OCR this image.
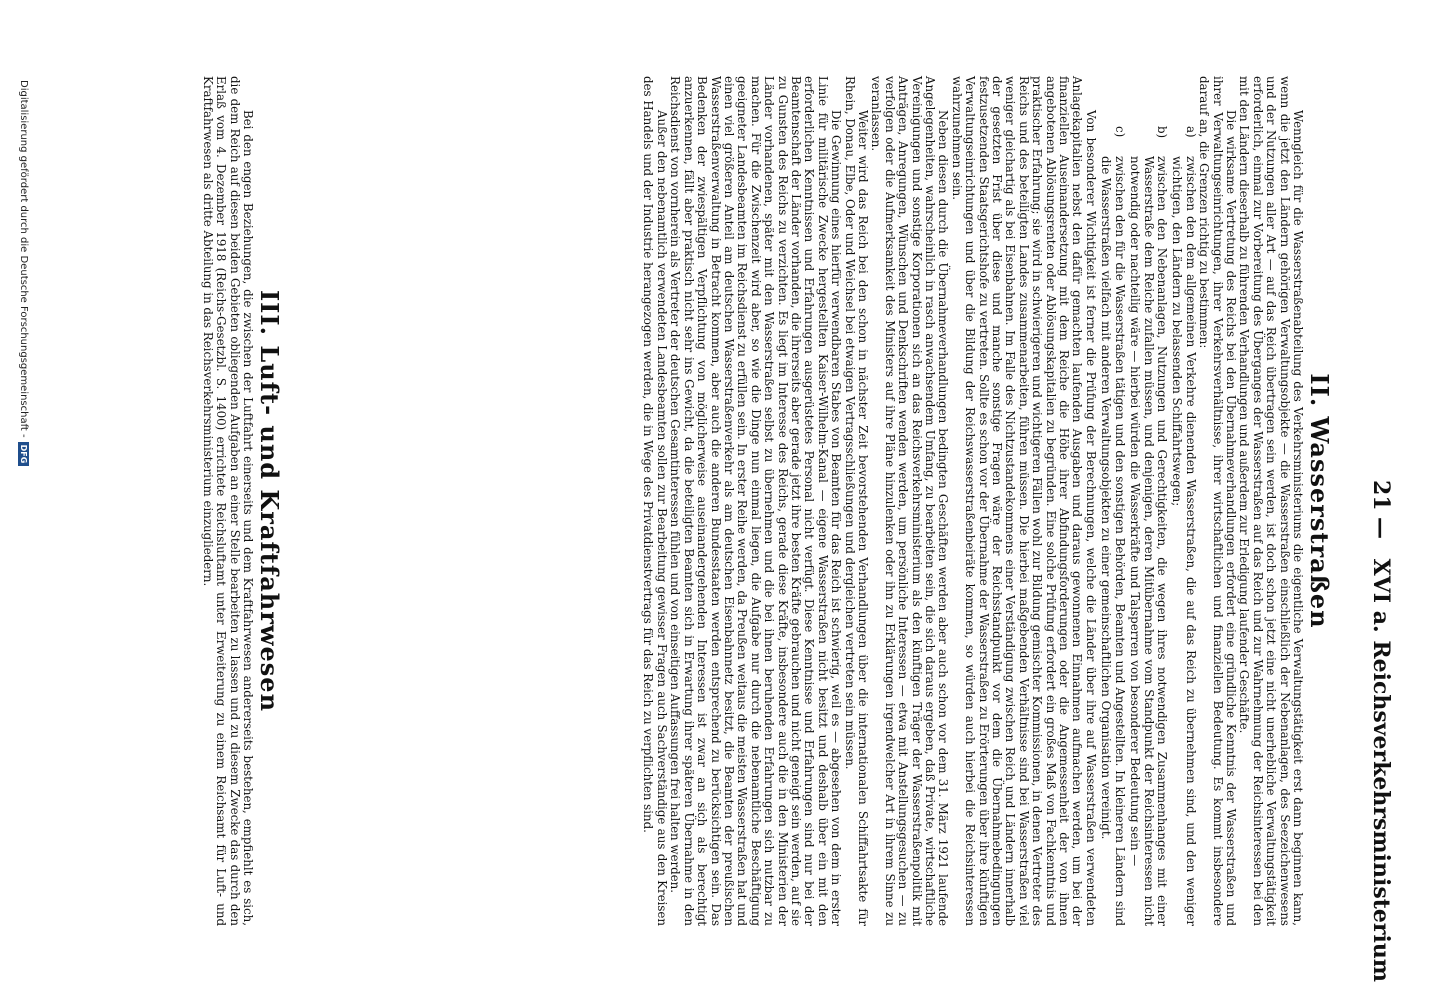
21
— XVI a. Reichsverkehrsministerium
II. Wasserstraßen

Wenngleich für die Wasserstraßenabteilung des Verkehrsministeriums die eigentliche Verwaltungstätigkeit erst dann beginnen kann, wenn die jetzt den Ländern gehörigen Verwaltungsobjekte — die Wasserstraßen einschließlich der Nebenanlagen, des Seezeichenwesens und der Nutzungen aller Art — auf das Reich übertragen sein werden, ist doch schon jetzt eine nicht unerhebliche Verwaltungstätigkeit erforderlich, einmal zur Vorbereitung des Überganges der Wasserstraßen auf das Reich und zur Wahrnehmung der Reichsinteressen bei den mit den Ländern dieserhalb zu führenden Verhandlungen und außerdem zur Erledigung laufender Geschäfte.

Die wirksame Vertretung des Reichs bei den Übernahmeverhandlungen erfordert eine gründliche Kenntnis der Wasserstraßen und ihrer Verwaltungseinrichtungen, ihrer Verkehrsverhältnisse, ihrer wirtschaftlichen und finanziellen Bedeutung. Es kommt insbesondere darauf an, die Grenzen richtig zu bestimmen:

a)zwischen den dem allgemeinen Verkehre dienenden Wasserstraßen, die auf das Reich zu übernehmen sind, und den weniger wichtigen, den Ländern zu belassenden Schiffahrtswegen;
b)zwischen den Nebenanlagen, Nutzungen und Gerechtigkeiten, die wegen ihres notwendigen Zusammenhanges mit einer Wasserstraße dem Reiche zufallen müssen, und denjenigen, deren Mitübernahme vom Standpunkt der Reichsinteressen nicht notwendig oder nachteilig wäre — hierbei würden die Wasserkräfte und Talsperren von besonderer Bedeutung sein —
c)zwischen den für die Wasserstraßen tätigen und den sonstigen Behörden, Beamten und Angestellten. In kleineren Ländern sind die Wasserstraßen vielfach mit anderen Verwaltungsobjekten zu einer gemeinschaftlichen Organisation vereinigt.

Von besonderer Wichtigkeit ist ferner die Prüfung der Berechnungen, welche die Länder über ihre auf Wasserstraßen verwendeten Anlagekapitalien nebst den dafür gemachten laufenden Ausgaben und daraus gewonnenen Einnahmen aufmachen werden, um bei der finanziellen Auseinandersetzung mit dem Reiche die Höhe ihrer Abfindungsforderungen oder die Angemessenheit der von ihnen angebotenen Ablösungsrenten oder Ablösungskapitalien zu begründen. Eine solche Prüfung erfordert ein großes Maß von Fachkenntnis und praktischer Erfahrung; sie wird in schwierigeren und wichtigeren Fällen wohl zur Bildung gemischter Kommissionen, in denen Vertreter des Reichs und des beteiligten Landes zusammenarbeiten, führen müssen. Die hierbei maßgebenden Verhältnisse sind bei Wasserstraßen viel weniger gleichartig als bei Eisenbahnen. Im Falle des Nichtzustandekommens einer Verständigung zwischen Reich und Ländern innerhalb der gesetzten Frist über diese und manche sonstige Fragen wäre der Reichsstandpunkt vor dem die Übernahmebedingungen festzusetzenden Staatsgerichtshofe zu vertreten. Sollte es schon vor der Übernahme der Wasserstraßen zu Erörterungen über ihre künftigen Verwaltungseinrichtungen und über die Bildung der Reichswasserstraßenbeiräte kommen, so würden auch hierbei die Reichsinteressen wahrzunehmen sein.

Neben diesen durch die Übernahmeverhandlungen bedingten Geschäften werden aber auch schon vor dem 31. März 1921 laufende Angelegenheiten, wahrscheinlich in rasch anwachsendem Umfang, zu bearbeiten sein, die sich daraus ergeben, daß Private, wirtschaftliche Vereinigungen und sonstige Korporationen sich an das Reichsverkehrsministerium als den künftigen Träger der Wasserstraßenpolitik mit Anträgen, Anregungen, Wünschen und Denkschriften wenden werden, um persönliche Interessen — etwa mit Anstellungsgesuchen — zu verfolgen oder die Aufmerksamkeit des Ministers auf ihre Pläne hinzulenken oder ihn zu Erklärungen irgendwelcher Art in ihrem Sinne zu veranlassen.

Weiter wird das Reich bei den schon in nächster Zeit bevorstehenden Verhandlungen über die internationalen Schiffahrtsakte für Rhein, Donau, Elbe, Oder und Weichsel bei etwaigen Vertragsschließungen und dergleichen vertreten sein müssen.

Die Gewinnung eines hierfür verwendbaren Stabes von Beamten für das Reich ist schwierig, weil es — abgesehen von dem in erster Linie für militärische Zwecke hergestellten Kaiser-Wilhelm-Kanal — eigene Wasserstraßen nicht besitzt und deshalb über ein mit den erforderlichen Kenntnissen und Erfahrungen ausgerüstetes Personal nicht verfügt. Diese Kenntnisse und Erfahrungen sind nur bei der Beamtenschaft der Länder vorhanden, die ihrerseits aber gerade jetzt ihre besten Kräfte gebrauchen und nicht geneigt sein werden, auf sie zu Gunsten des Reichs zu verzichten. Es liegt im Interesse des Reichs, gerade diese Kräfte, insbesondere auch die in den Ministerien der Länder vorhandenen, später mit den Wasserstraßen selbst zu übernehmen und die bei ihnen beruhenden Erfahrungen sich nutzbar zu machen. Für die Zwischenzeit wird aber, so wie die Dinge nun einmal liegen, die Aufgabe nur durch die nebenamtliche Beschäftigung geeigneter Landesbeamten im Reichsdienst zu erfüllen sein. In erster Reihe werden, da Preußen weitaus die meisten Wasserstraßen hat und einen viel größeren Anteil am deutschen Wasserstraßenverkehr als am deutschen Eisenbahnnetz besitzt, die Beamten der preußischen Wasserstraßenverwaltung in Betracht kommen, aber auch die anderen Bundesstaaten werden entsprechend zu berücksichtigen sein. Das Bedenken der zwiespältigen Verpflichtung von möglicherweise auseinandergehenden Interessen ist zwar an sich als berechtigt anzuerkennen, fällt aber praktisch nicht sehr ins Gewicht, da die beteiligten Beamten sich in Erwartung ihrer späteren Übernahme in den Reichsdienst von vornherein als Vertreter der deutschen Gesamtinteressen fühlen und von einseitigen Auffassungen frei halten werden.

Außer den nebenamtlich verwendeten Landesbeamten sollen zur Bearbeitung gewisser Fragen auch Sachverständige aus den Kreisen des Handels und der Industrie herangezogen werden, die in Wege des Privatdienstvertrags für das Reich zu verpflichten sind.

III. Luft- und Kraftfahrwesen

Bei den engen Beziehungen, die zwischen der Luftfahrt einerseits und dem Kraftfahrwesen andererseits bestehen, empfiehlt es sich, die dem Reich auf diesen beiden Gebieten obliegenden Aufgaben an einer Stelle bearbeiten zu lassen und zu diesem Zwecke das durch den Erlaß vom 4. Dezember 1918 (Reichs-Gesetzbl. S. 1400) errichtete Reichsluftamt unter Erweiterung zu einem Reichsamt für Luft- und Kraftfahrwesen als dritte Abteilung in das Reichsverkehrsministerium einzugliedern.

Digitalisierung gefördert durch die Deutsche Forschungsgemeinschaft -DFG
